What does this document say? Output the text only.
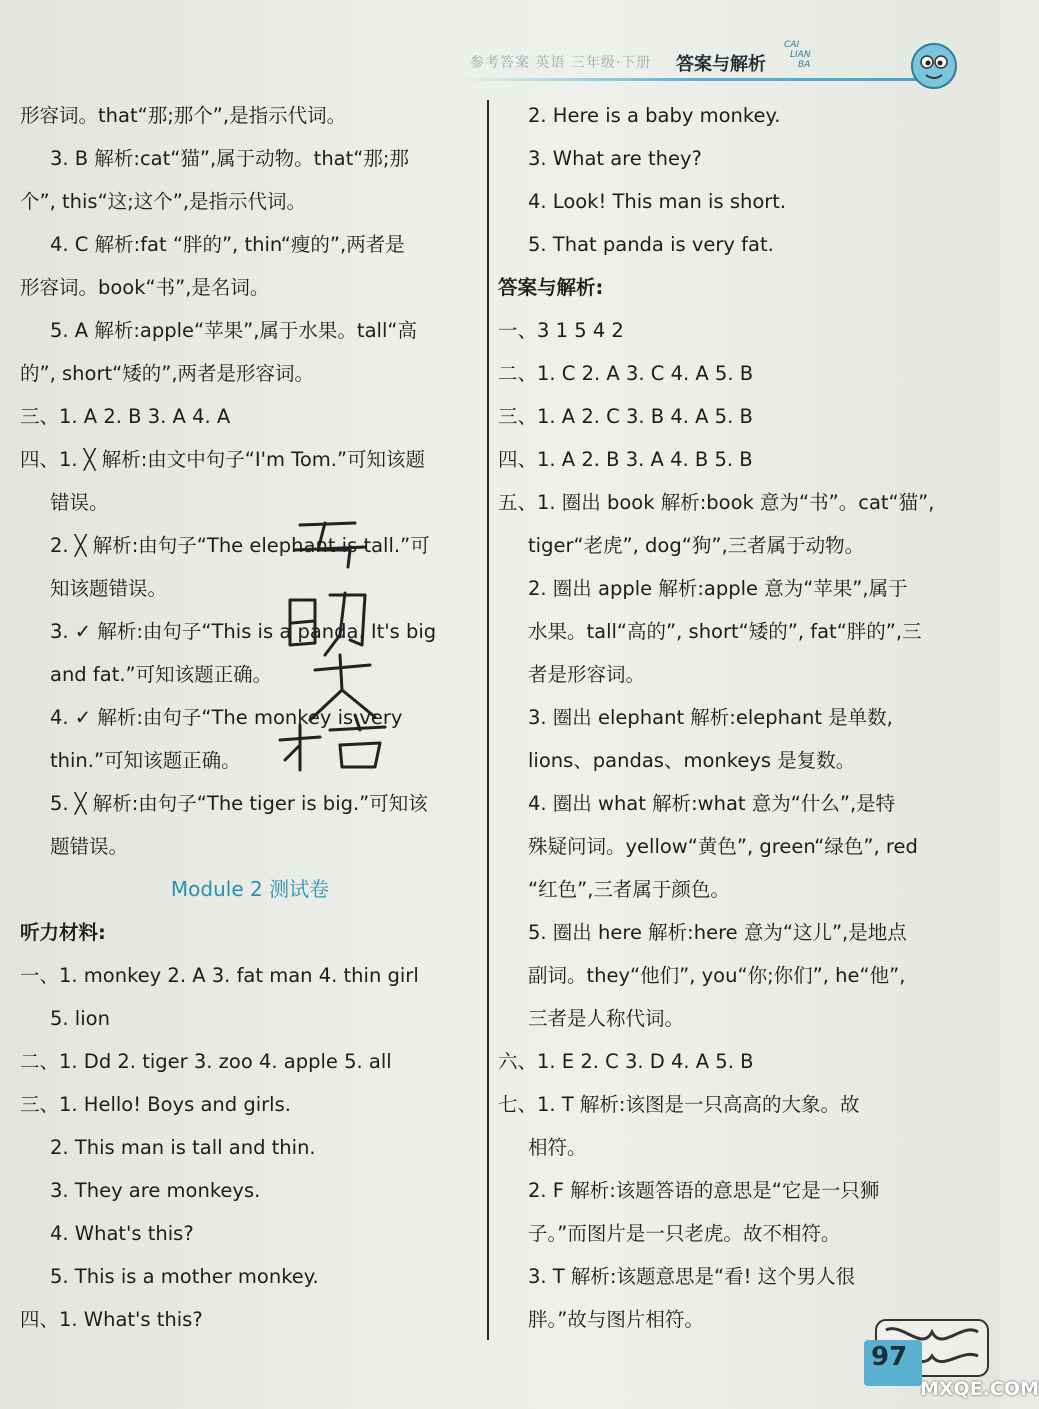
参考答案 英语 三年级·下册 答案与解析
CAI
LIAN
BA
形容词。that“那;那个”,是指示代词。
3. B 解析:cat“猫”,属于动物。that“那;那
个”, this“这;这个”,是指示代词。
4. C 解析:fat “胖的”, thin“瘦的”,两者是
形容词。book“书”,是名词。
5. A 解析:apple“苹果”,属于水果。tall“高
的”, short“矮的”,两者是形容词。
三、1. A 2. B 3. A 4. A
四、1. ╳ 解析:由文中句子“I'm Tom.”可知该题
错误。
2. ╳ 解析:由句子“The elephant is tall.”可
知该题错误。
3. ✓ 解析:由句子“This is a panda. It's big
and fat.”可知该题正确。
4. ✓ 解析:由句子“The monkey is very
thin.”可知该题正确。
5. ╳ 解析:由句子“The tiger is big.”可知该
题错误。
Module 2 测试卷
听力材料:
一、1. monkey 2. A 3. fat man 4. thin girl
5. lion
二、1. Dd 2. tiger 3. zoo 4. apple 5. all
三、1. Hello! Boys and girls.
2. This man is tall and thin.
3. They are monkeys.
4. What's this?
5. This is a mother monkey.
四、1. What's this?
2. Here is a baby monkey.
3. What are they?
4. Look! This man is short.
5. That panda is very fat.
答案与解析:
一、3 1 5 4 2
二、1. C 2. A 3. C 4. A 5. B
三、1. A 2. C 3. B 4. A 5. B
四、1. A 2. B 3. A 4. B 5. B
五、1. 圈出 book 解析:book 意为“书”。cat“猫”,
tiger“老虎”, dog“狗”,三者属于动物。
2. 圈出 apple 解析:apple 意为“苹果”,属于
水果。tall“高的”, short“矮的”, fat“胖的”,三
者是形容词。
3. 圈出 elephant 解析:elephant 是单数,
lions、pandas、monkeys 是复数。
4. 圈出 what 解析:what 意为“什么”,是特
殊疑问词。yellow“黄色”, green“绿色”, red
“红色”,三者属于颜色。
5. 圈出 here 解析:here 意为“这儿”,是地点
副词。they“他们”, you“你;你们”, he“他”,
三者是人称代词。
六、1. E 2. C 3. D 4. A 5. B
七、1. T 解析:该图是一只高高的大象。故
相符。
2. F 解析:该题答语的意思是“它是一只狮
子。”而图片是一只老虎。故不相符。
3. T 解析:该题意思是“看! 这个男人很
胖。”故与图片相符。
97
MXQE.COM
